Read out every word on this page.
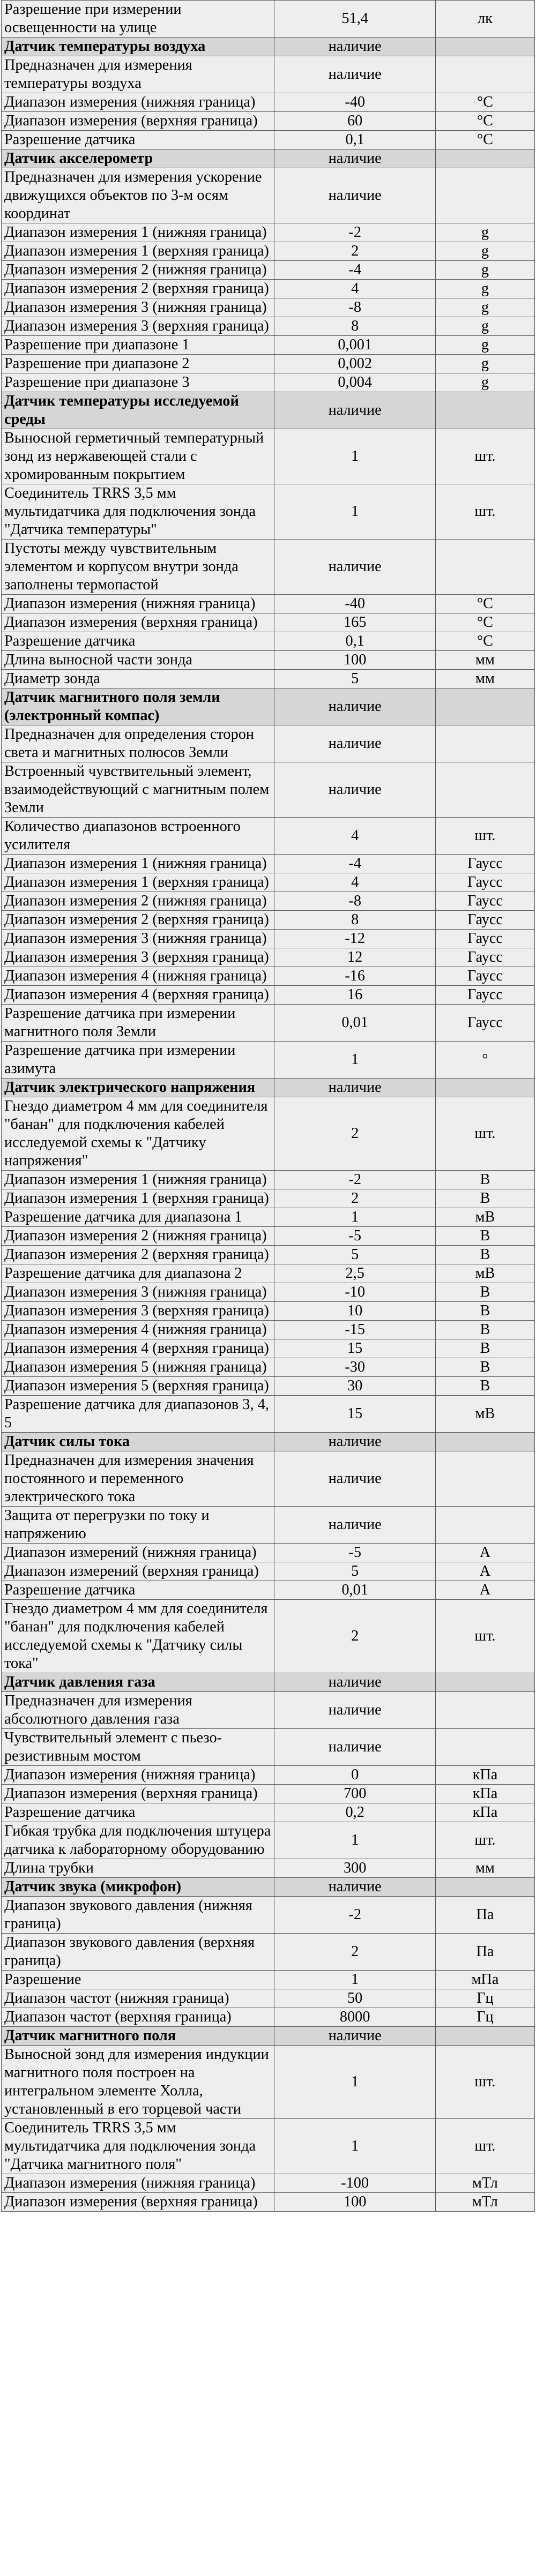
Разрешение при измерении освещенности на улице	51,4	лк
Датчик температуры воздуха	наличие	
Предназначен для измерения температуры воздуха	наличие	
Диапазон измерения (нижняя граница)	-40	°С
Диапазон измерения (верхняя граница)	60	°С
Разрешение датчика	0,1	°С
Датчик акселерометр	наличие	
Предназначен для измерения ускорение движущихся объектов по 3-м осям координат	наличие	
Диапазон измерения 1 (нижняя граница)	-2	g
Диапазон измерения 1 (верхняя граница)	2	g
Диапазон измерения 2 (нижняя граница)	-4	g
Диапазон измерения 2 (верхняя граница)	4	g
Диапазон измерения 3 (нижняя граница)	-8	g
Диапазон измерения 3 (верхняя граница)	8	g
Разрешение при диапазоне 1	0,001	g
Разрешение при диапазоне 2	0,002	g
Разрешение при диапазоне 3	0,004	g
Датчик температуры исследуемой среды	наличие	
Выносной герметичный температурный зонд из нержавеющей стали с хромированным покрытием	1	шт.
Соединитель TRRS 3,5 мм мультидатчика для подключения зонда "Датчика температуры"	1	шт.
Пустоты между чувствительным элементом и корпусом внутри зонда заполнены термопастой	наличие	
Диапазон измерения (нижняя граница)	-40	°С
Диапазон измерения (верхняя граница)	165	°С
Разрешение датчика	0,1	°С
Длина выносной части зонда	100	мм
Диаметр зонда	5	мм
Датчик магнитного поля земли (электронный компас)	наличие	
Предназначен для определения сторон света и магнитных полюсов Земли	наличие	
Встроенный чувствительный элемент, взаимодействующий с магнитным полем Земли	наличие	
Количество диапазонов встроенного усилителя	4	шт.
Диапазон измерения 1 (нижняя граница)	-4	Гаусс
Диапазон измерения 1 (верхняя граница)	4	Гаусс
Диапазон измерения 2 (нижняя граница)	-8	Гаусс
Диапазон измерения 2 (верхняя граница)	8	Гаусс
Диапазон измерения 3 (нижняя граница)	-12	Гаусс
Диапазон измерения 3 (верхняя граница)	12	Гаусс
Диапазон измерения 4 (нижняя граница)	-16	Гаусс
Диапазон измерения 4 (верхняя граница)	16	Гаусс
Разрешение датчика при измерении магнитного поля Земли	0,01	Гаусс
Разрешение датчика при измерении азимута	1	°
Датчик электрического напряжения	наличие	
Гнездо диаметром 4 мм для соединителя "банан" для подключения кабелей исследуемой схемы к "Датчику напряжения"	2	шт.
Диапазон измерения 1 (нижняя граница)	-2	В
Диапазон измерения 1 (верхняя граница)	2	В
Разрешение датчика для диапазона 1	1	мВ
Диапазон измерения 2 (нижняя граница)	-5	В
Диапазон измерения 2 (верхняя граница)	5	В
Разрешение датчика для диапазона 2	2,5	мВ
Диапазон измерения 3 (нижняя граница)	-10	В
Диапазон измерения 3 (верхняя граница)	10	В
Диапазон измерения 4 (нижняя граница)	-15	В
Диапазон измерения 4 (верхняя граница)	15	В
Диапазон измерения 5 (нижняя граница)	-30	В
Диапазон измерения 5 (верхняя граница)	30	В
Разрешение датчика для диапазонов 3, 4, 5	15	мВ
Датчик силы тока	наличие	
Предназначен для измерения значения постоянного и переменного электрического тока	наличие	
Защита от перегрузки по току и напряжению	наличие	
Диапазон измерений (нижняя граница)	-5	А
Диапазон измерений (верхняя граница)	5	А
Разрешение датчика	0,01	А
Гнездо диаметром 4 мм для соединителя "банан" для подключения кабелей исследуемой схемы к "Датчику силы тока"	2	шт.
Датчик давления газа	наличие	
Предназначен для измерения абсолютного давления газа	наличие	
Чувствительный элемент с пьезо-резистивным мостом	наличие	
Диапазон измерения (нижняя граница)	0	кПа
Диапазон измерения (верхняя граница)	700	кПа
Разрешение датчика	0,2	кПа
Гибкая трубка для подключения штуцера датчика к лабораторному оборудованию	1	шт.
Длина трубки	300	мм
Датчик звука (микрофон)	наличие	
Диапазон звукового давления (нижняя граница)	-2	Па
Диапазон звукового давления (верхняя граница)	2	Па
Разрешение	1	мПа
Диапазон частот (нижняя граница)	50	Гц
Диапазон частот (верхняя граница)	8000	Гц
Датчик магнитного поля	наличие	
Выносной зонд для измерения индукции магнитного поля построен на интегральном элементе Холла, установленный в его торцевой части	1	шт.
Соединитель TRRS 3,5 мм мультидатчика для подключения зонда "Датчика магнитного поля"	1	шт.
Диапазон измерения (нижняя граница)	-100	мТл
Диапазон измерения (верхняя граница)	100	мТл
